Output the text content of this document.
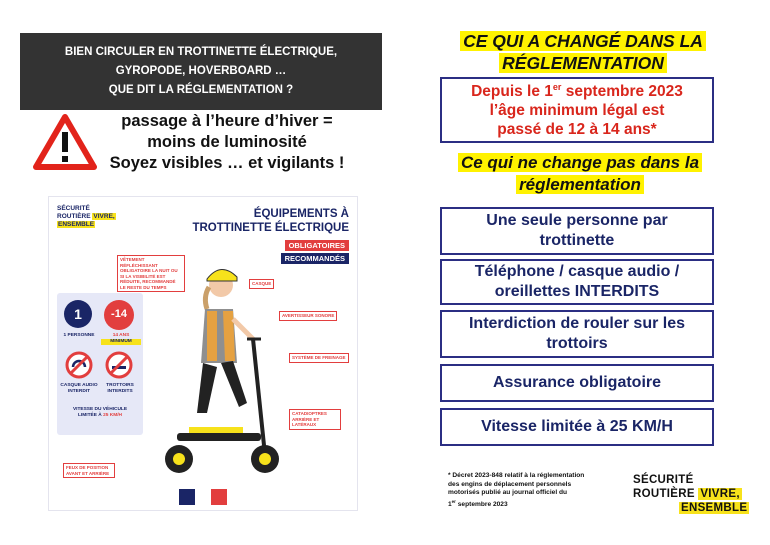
BIEN CIRCULER EN TROTTINETTE ÉLECTRIQUE,
GYROPODE, HOVERBOARD …
QUE DIT LA RÉGLEMENTATION ?
passage à l’heure d’hiver =
moins de luminosité
Soyez visibles … et vigilants !
SÉCURITÉ
ROUTIÈRE VIVRE,
ENSEMBLE
ÉQUIPEMENTS À
TROTTINETTE ÉLECTRIQUE
OBLIGATOIRES
RECOMMANDÉS
1	-14
1 PERSONNE	14 ANS
MINIMUM
CASQUE AUDIO INTERDIT
TROTTOIRS INTERDITS
VITESSE DU VÉHICULE
LIMITÉE À 25 KM/H
VÊTEMENT RÉFLÉCHISSANT OBLIGATOIRE LA NUIT OU SI LA VISIBILITÉ EST RÉDUITE, RECOMMANDÉ LE RESTE DU TEMPS
CASQUE
AVERTISSEUR SONORE
SYSTÈME DE FREINAGE
CATADIOPTRES ARRIÈRE ET LATÉRAUX
FEUX DE POSITION AVANT ET ARRIÈRE
CE QUI A CHANGÉ DANS LA
RÉGLEMENTATION
Depuis le 1er septembre 2023
l’âge minimum légal est
passé de 12 à 14 ans*
Ce qui ne change pas dans la
réglementation
Une seule personne par
trottinette
Téléphone / casque audio /
oreillettes INTERDITS
Interdiction de rouler sur les
trottoirs
Assurance obligatoire
Vitesse limitée à 25 KM/H
* Décret 2023-848 relatif à la réglementation
des engins de déplacement personnels
motorisés publié au journal officiel du
1er septembre 2023
SÉCURITÉ
ROUTIÈRE VIVRE,
ENSEMBLE
